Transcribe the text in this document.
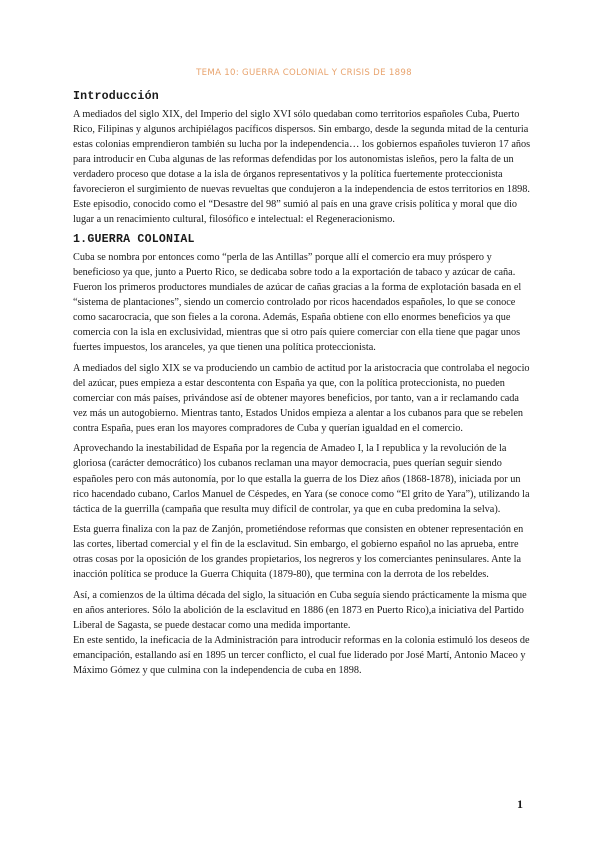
TEMA 10: GUERRA COLONIAL Y CRISIS DE 1898
Introducción

A mediados del siglo XIX, del Imperio del siglo XVI sólo quedaban como territorios españoles Cuba, Puerto Rico, Filipinas y algunos archipiélagos pacíficos dispersos. Sin embargo, desde la segunda mitad de la centuria estas colonias emprendieron también su lucha por la independencia… los gobiernos españoles tuvieron 17 años para introducir en Cuba algunas de las reformas defendidas por los autonomistas isleños, pero la falta de un verdadero proceso que dotase a la isla de órganos representativos y la política fuertemente proteccionista favorecieron el surgimiento de nuevas revueltas que condujeron a la independencia de estos territorios en 1898. Este episodio, conocido como el “Desastre del 98” sumió al país en una grave crisis política y moral que dio lugar a un renacimiento cultural, filosófico e intelectual: el Regeneracionismo.

1.GUERRA COLONIAL

Cuba se nombra por entonces como “perla de las Antillas” porque allí el comercio era muy próspero y beneficioso ya que, junto a Puerto Rico, se dedicaba sobre todo a la exportación de tabaco y azúcar de caña. Fueron los primeros productores mundiales de azúcar de cañas gracias a la forma de explotación basada en el “sistema de plantaciones”, siendo un comercio controlado por ricos hacendados españoles, lo que se conoce como sacarocracia, que son fieles a la corona. Además, España obtiene con ello enormes beneficios ya que comercia con la isla en exclusividad, mientras que si otro país quiere comerciar con ella tiene que pagar unos fuertes impuestos, los aranceles, ya que tienen una política proteccionista.

A mediados del siglo XIX se va produciendo un cambio de actitud por la aristocracia que controlaba el negocio del azúcar, pues empieza a estar descontenta con España ya que, con la política proteccionista, no pueden comerciar con más países, privándose así de obtener mayores beneficios, por tanto, van a ir reclamando cada vez más un autogobierno. Mientras tanto, Estados Unidos empieza a alentar a los cubanos para que se rebelen contra España, pues eran los mayores compradores de Cuba y querían igualdad en el comercio.

Aprovechando la inestabilidad de España por la regencia de Amadeo I, la I republica y la revolución de la gloriosa (carácter democrático) los cubanos reclaman una mayor democracia, pues querían seguir siendo españoles pero con más autonomía, por lo que estalla la guerra de los Diez años (1868-1878), iniciada por un rico hacendado cubano, Carlos Manuel de Céspedes, en Yara (se conoce como “El grito de Yara”), utilizando la táctica de la guerrilla (campaña que resulta muy difícil de controlar, ya que en cuba predomina la selva).

Esta guerra finaliza con la paz de Zanjón, prometiéndose reformas que consisten en obtener representación en las cortes, libertad comercial y el fin de la esclavitud. Sin embargo, el gobierno español no las aprueba, entre otras cosas por la oposición de los grandes propietarios, los negreros y los comerciantes peninsulares. Ante la inacción política se produce la Guerra Chiquita (1879-80), que termina con la derrota de los rebeldes.

Así, a comienzos de la última década del siglo, la situación en Cuba seguía siendo prácticamente la misma que en años anteriores. Sólo la abolición de la esclavitud en 1886 (en 1873 en Puerto Rico),a iniciativa del Partido Liberal de Sagasta, se puede destacar como una medida importante.

En este sentido, la ineficacia de la Administración para introducir reformas en la colonia estimuló los deseos de emancipación, estallando así en 1895 un tercer conflicto, el cual fue liderado por José Martí, Antonio Maceo y Máximo Gómez y que culmina con la independencia de cuba en 1898.

1
